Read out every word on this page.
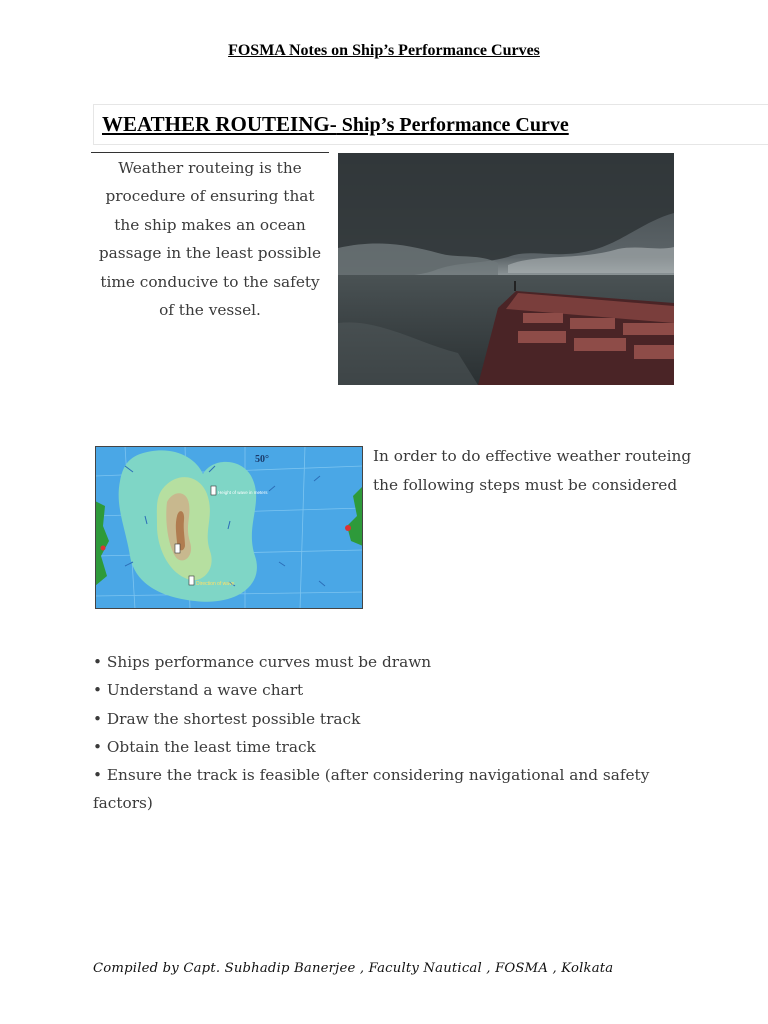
FOSMA Notes on Ship’s Performance Curves
WEATHER ROUTEING- Ship’s Performance Curve
Weather routeing is the procedure of ensuring that the ship makes an ocean passage in the least possible time conducive to the safety of the vessel.
50°
Height of wave in meters
Direction of wave
In order to do effective weather routeing the following steps must be considered
• Ships performance curves must be drawn
• Understand a wave chart
• Draw the shortest possible track
• Obtain the least time track
• Ensure the track is feasible (after considering navigational and safety factors)
Compiled by Capt. Subhadip Banerjee , Faculty Nautical , FOSMA , Kolkata
